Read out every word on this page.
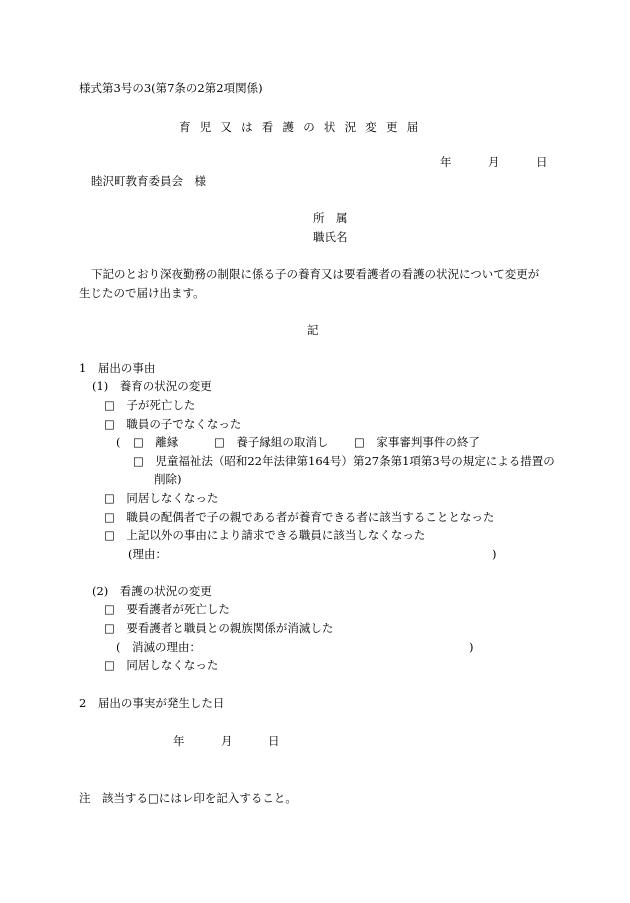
様式第3号の3(第7条の2第2項関係)
育児又は看護の状況変更届
年	月	日
睦沢町教育委員会　様
所　属
職氏名
下記のとおり深夜勤務の制限に係る子の養育又は要看護者の看護の状況について変更が
生じたので届け出ます。
記
1　届出の事由
(1)　養育の状況の変更
□　子が死亡した
□　職員の子でなくなった
( □　離縁	□　養子縁組の取消し □　家事審判事件の終了
□　児童福祉法（昭和22年法律第164号）第27条第1項第3号の規定による措置の
削除)
□　同居しなくなった
□　職員の配偶者で子の親である者が養育できる者に該当することとなった
□　上記以外の事由により請求できる職員に該当しなくなった
(理由：	)
(2)　看護の状況の変更
□　要看護者が死亡した
□　要看護者と職員との親族関係が消滅した
(　消滅の理由：	)
□　同居しなくなった
2　届出の事実が発生した日
年	月	日
注　該当する□にはレ印を記入すること。
